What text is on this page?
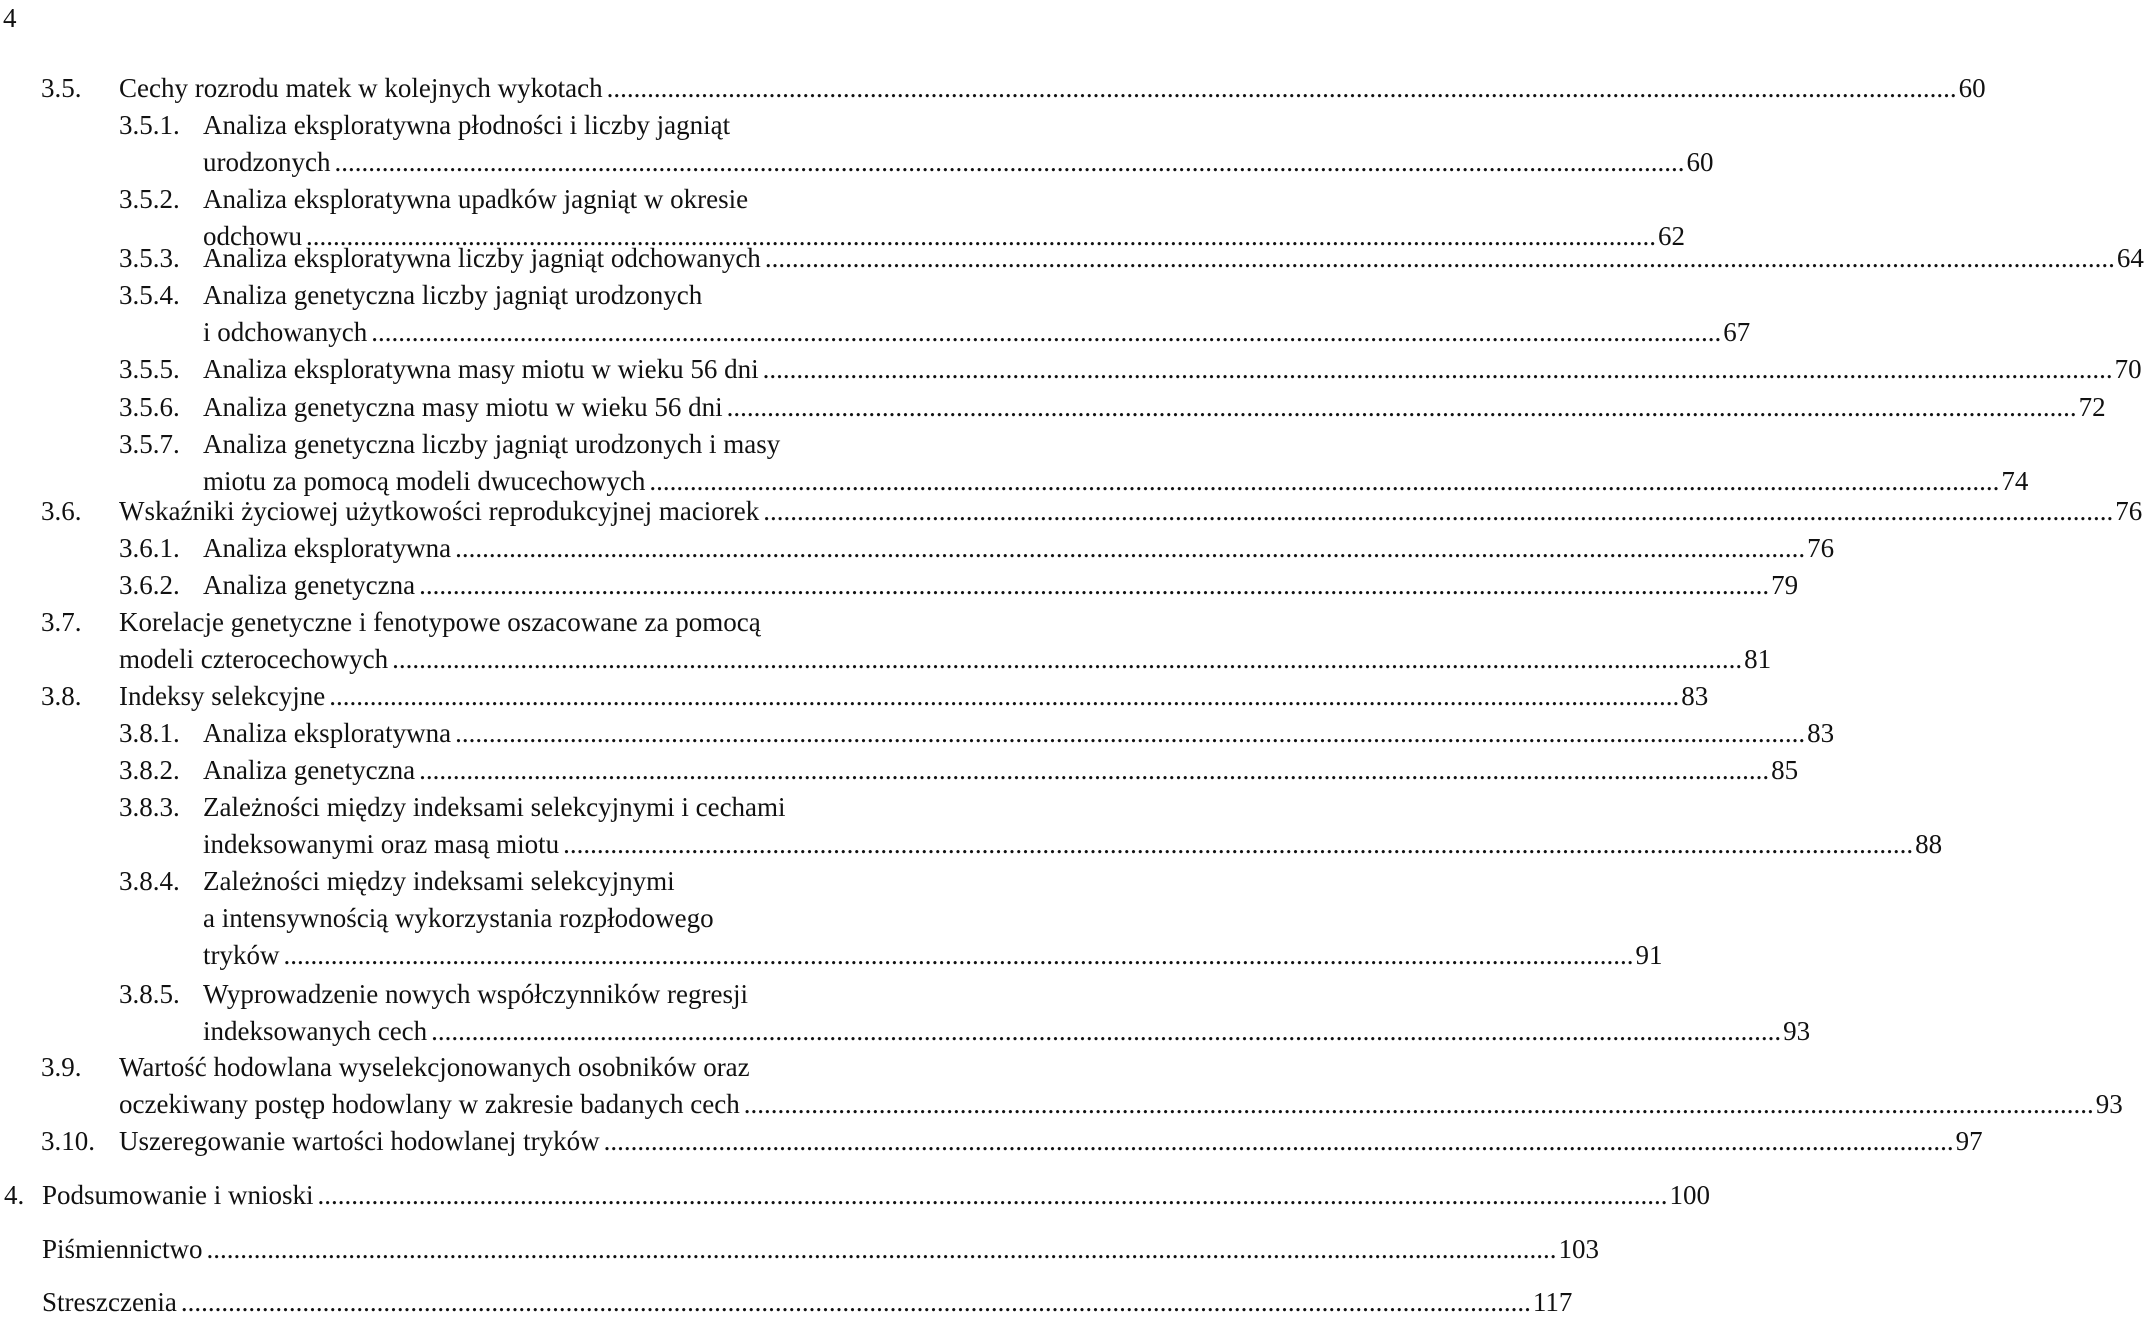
4
3.5. Cechy rozrodu matek w kolejnych wykotach ........................................................................................................................................................................................................ 60
3.5.1. Analiza eksploratywna płodności i liczby jagniąt
urodzonych ........................................................................................................................................................................................................ 60
3.5.2. Analiza eksploratywna upadków jagniąt w okresie
odchowu ........................................................................................................................................................................................................ 62
3.5.3. Analiza eksploratywna liczby jagniąt odchowanych ........................................................................................................................................................................................................ 64
3.5.4. Analiza genetyczna liczby jagniąt urodzonych
i odchowanych ........................................................................................................................................................................................................ 67
3.5.5. Analiza eksploratywna masy miotu w wieku 56 dni ........................................................................................................................................................................................................ 70
3.5.6. Analiza genetyczna masy miotu w wieku 56 dni ........................................................................................................................................................................................................ 72
3.5.7. Analiza genetyczna liczby jagniąt urodzonych i masy
miotu za pomocą modeli dwucechowych ........................................................................................................................................................................................................ 74
3.6. Wskaźniki życiowej użytkowości reprodukcyjnej maciorek ........................................................................................................................................................................................................ 76
3.6.1. Analiza eksploratywna ........................................................................................................................................................................................................ 76
3.6.2. Analiza genetyczna ........................................................................................................................................................................................................ 79
3.7. Korelacje genetyczne i fenotypowe oszacowane za pomocą
modeli czterocechowych ........................................................................................................................................................................................................ 81
3.8. Indeksy selekcyjne ........................................................................................................................................................................................................ 83
3.8.1. Analiza eksploratywna ........................................................................................................................................................................................................ 83
3.8.2. Analiza genetyczna ........................................................................................................................................................................................................ 85
3.8.3. Zależności między indeksami selekcyjnymi i cechami
indeksowanymi oraz masą miotu ........................................................................................................................................................................................................ 88
3.8.4. Zależności między indeksami selekcyjnymi
a intensywnością wykorzystania rozpłodowego
tryków ........................................................................................................................................................................................................ 91
3.8.5. Wyprowadzenie nowych współczynników regresji
indeksowanych cech ........................................................................................................................................................................................................ 93
3.9. Wartość hodowlana wyselekcjonowanych osobników oraz
oczekiwany postęp hodowlany w zakresie badanych cech ........................................................................................................................................................................................................ 93
3.10. Uszeregowanie wartości hodowlanej tryków ........................................................................................................................................................................................................ 97
4. Podsumowanie i wnioski ........................................................................................................................................................................................................ 100
Piśmiennictwo ........................................................................................................................................................................................................ 103
Streszczenia ........................................................................................................................................................................................................ 117
